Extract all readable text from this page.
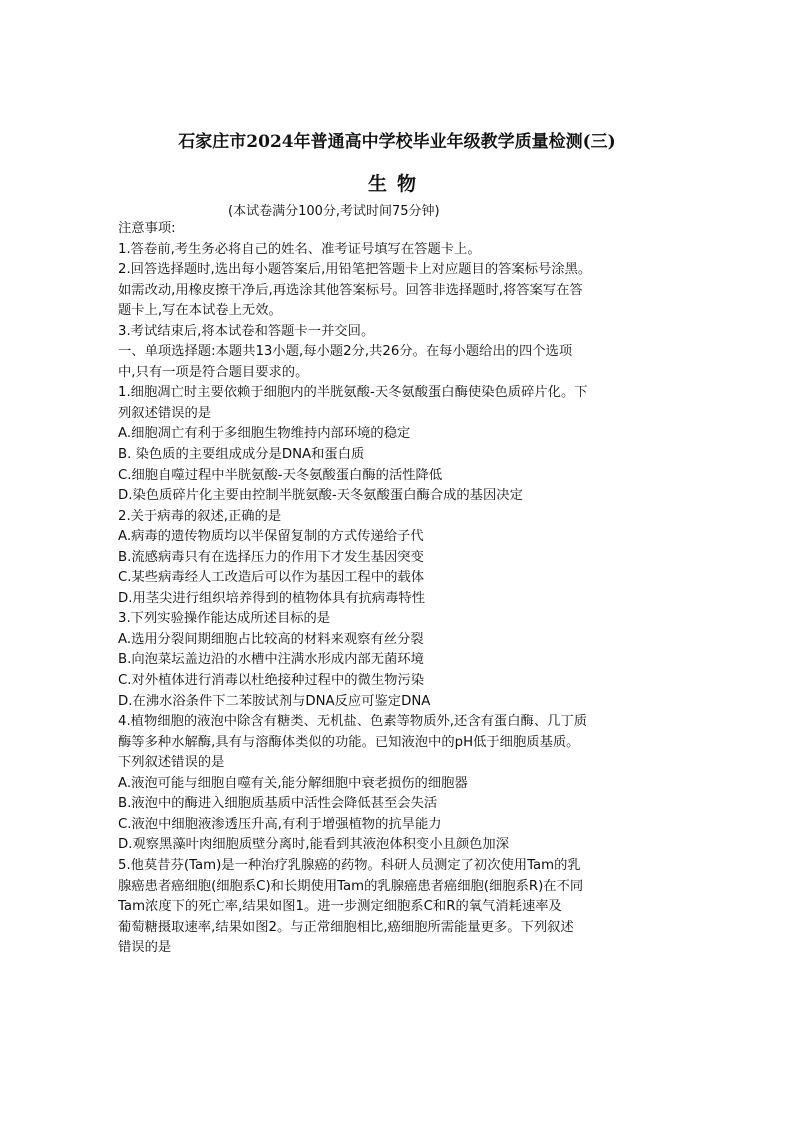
石家庄市2024年普通高中学校毕业年级教学质量检测(三)
生物
(本试卷满分100分,考试时间75分钟)
注意事项:
1.答卷前,考生务必将自己的姓名、准考证号填写在答题卡上。
2.回答选择题时,选出每小题答案后,用铅笔把答题卡上对应题目的答案标号涂黑。
如需改动,用橡皮擦干净后,再选涂其他答案标号。回答非选择题时,将答案写在答
题卡上,写在本试卷上无效。
3.考试结束后,将本试卷和答题卡一并交回。
一、单项选择题:本题共13小题,每小题2分,共26分。在每小题给出的四个选项
中,只有一项是符合题目要求的。
1.细胞凋亡时主要依赖于细胞内的半胱氨酸-天冬氨酸蛋白酶使染色质碎片化。下
列叙述错误的是
A.细胞凋亡有利于多细胞生物维持内部环境的稳定
B. 染色质的主要组成成分是DNA和蛋白质
C.细胞自噬过程中半胱氨酸-天冬氨酸蛋白酶的活性降低
D.染色质碎片化主要由控制半胱氨酸-天冬氨酸蛋白酶合成的基因决定
2.关于病毒的叙述,正确的是
A.病毒的遗传物质均以半保留复制的方式传递给子代
B.流感病毒只有在选择压力的作用下才发生基因突变
C.某些病毒经人工改造后可以作为基因工程中的载体
D.用茎尖进行组织培养得到的植物体具有抗病毒特性
3.下列实验操作能达成所述目标的是
A.选用分裂间期细胞占比较高的材料来观察有丝分裂
B.向泡菜坛盖边沿的水槽中注满水形成内部无菌环境
C.对外植体进行消毒以杜绝接种过程中的微生物污染
D.在沸水浴条件下二苯胺试剂与DNA反应可鉴定DNA
4.植物细胞的液泡中除含有糖类、无机盐、色素等物质外,还含有蛋白酶、几丁质
酶等多种水解酶,具有与溶酶体类似的功能。已知液泡中的pH低于细胞质基质。
下列叙述错误的是
A.液泡可能与细胞自噬有关,能分解细胞中衰老损伤的细胞器
B.液泡中的酶进入细胞质基质中活性会降低甚至会失活
C.液泡中细胞液渗透压升高,有利于增强植物的抗旱能力
D.观察黑藻叶肉细胞质壁分离时,能看到其液泡体积变小且颜色加深
5.他莫昔芬(Tam)是一种治疗乳腺癌的药物。科研人员测定了初次使用Tam的乳
腺癌患者癌细胞(细胞系C)和长期使用Tam的乳腺癌患者癌细胞(细胞系R)在不同
Tam浓度下的死亡率,结果如图1。进一步测定细胞系C和R的氧气消耗速率及
葡萄糖摄取速率,结果如图2。与正常细胞相比,癌细胞所需能量更多。下列叙述
错误的是
